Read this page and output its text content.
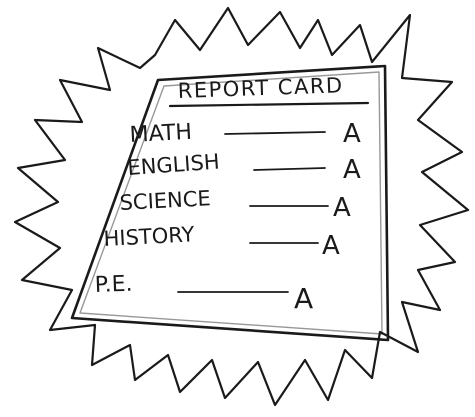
REPORT CARD
MATH	A
ENGLISH	A
SCIENCE	A
HISTORY	A
P.E.	A
